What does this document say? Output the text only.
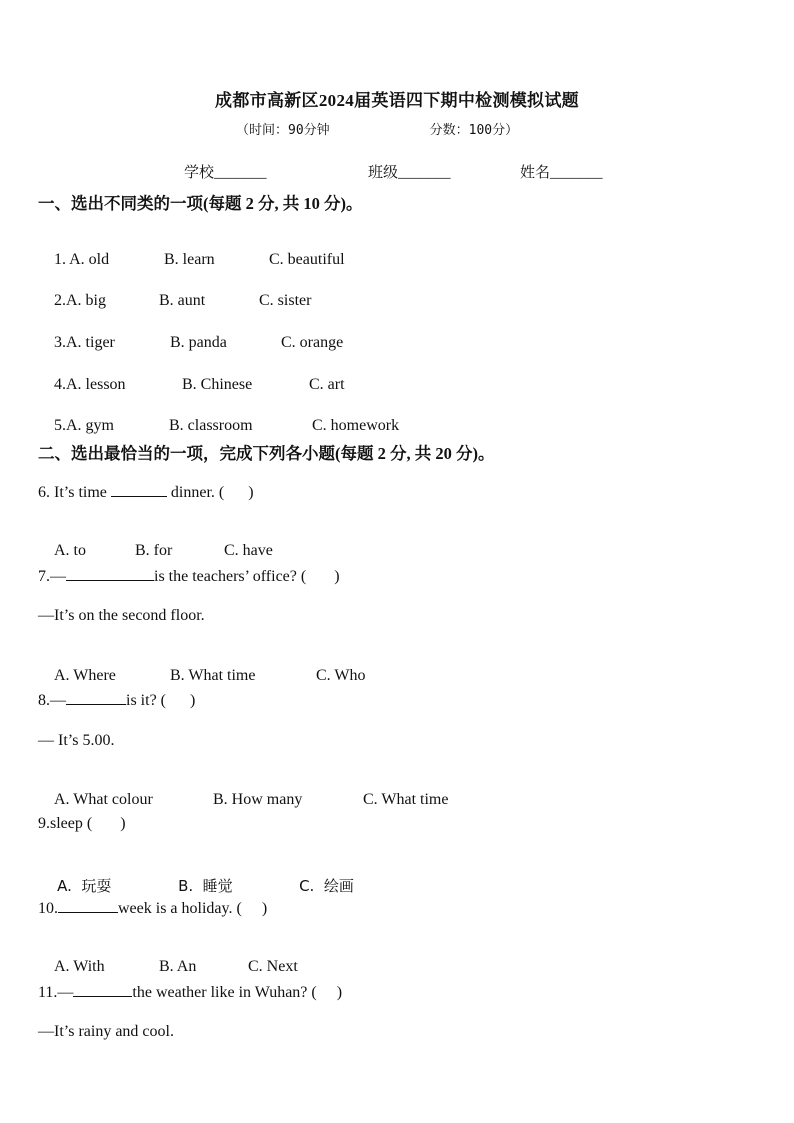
成都市高新区2024届英语四下期中检测模拟试题
（时间：90分钟	分数：100分）
学校_______	班级_______	姓名_______
一、选出不同类的一项(每题 2 分, 共 10 分)。

1. A. old	B. learn	C. beautiful

2.A. big	B. aunt	C. sister

3.A. tiger	B. panda	C. orange

4.A. lesson	B. Chinese	C. art

5.A. gym	B. classroom	C. homework

二、选出最恰当的一项，完成下列各小题(每题 2 分, 共 20 分)。
6. It’s time	dinner. (      )

A. to	B. for	C. have

7.—	is the teachers’ office? (       )
—It’s on the second floor.

A. Where	B. What time	C. Who

8.—	is it? (      )
— It’s 5.00.

A. What colour	B. How many	C. What time

9.sleep (       )

A.  玩耍	B.  睡觉	C.  绘画

10.	week is a holiday. (     )

A. With	B. An	C. Next

11.—	the weather like in Wuhan? (     )
—It’s rainy and cool.
